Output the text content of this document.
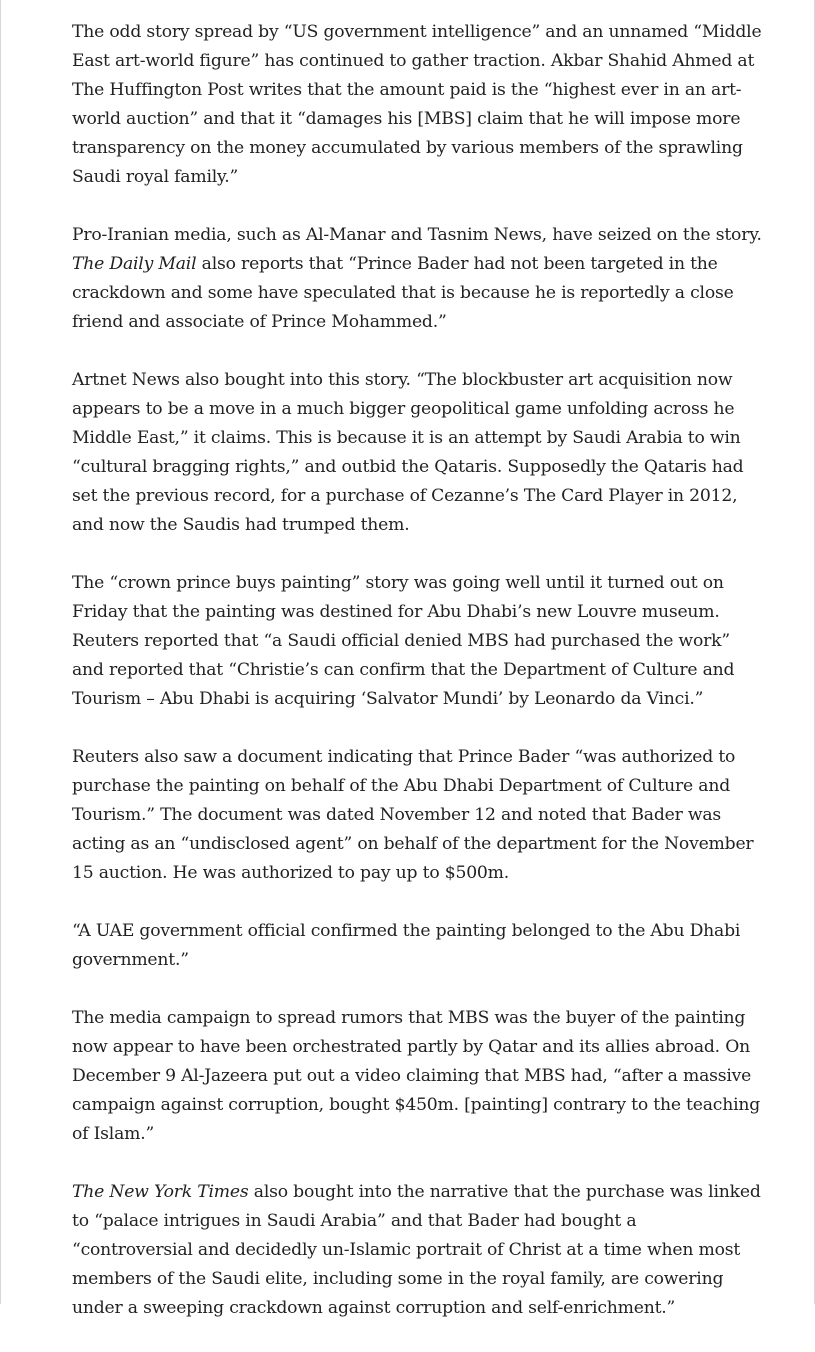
The odd story spread by “US government intelligence” and an unnamed “Middle East art-world figure” has continued to gather traction. Akbar Shahid Ahmed at The Huffington Post writes that the amount paid is the “highest ever in an art-world auction” and that it “damages his [MBS] claim that he will impose more transparency on the money accumulated by various members of the sprawling Saudi royal family.”

Pro-Iranian media, such as Al-Manar and Tasnim News, have seized on the story. The Daily Mail also reports that “Prince Bader had not been targeted in the crackdown and some have speculated that is because he is reportedly a close friend and associate of Prince Mohammed.”

Artnet News also bought into this story. “The blockbuster art acquisition now appears to be a move in a much bigger geopolitical game unfolding across he Middle East,” it claims. This is because it is an attempt by Saudi Arabia to win “cultural bragging rights,” and outbid the Qataris. Supposedly the Qataris had set the previous record, for a purchase of Cezanne’s The Card Player in 2012, and now the Saudis had trumped them.

The “crown prince buys painting” story was going well until it turned out on Friday that the painting was destined for Abu Dhabi’s new Louvre museum. Reuters reported that “a Saudi official denied MBS had purchased the work” and reported that “Christie’s can confirm that the Department of Culture and Tourism – Abu Dhabi is acquiring ‘Salvator Mundi’ by Leonardo da Vinci.”

Reuters also saw a document indicating that Prince Bader “was authorized to purchase the painting on behalf of the Abu Dhabi Department of Culture and Tourism.” The document was dated November 12 and noted that Bader was acting as an “undisclosed agent” on behalf of the department for the November 15 auction. He was authorized to pay up to $500m.

“A UAE government official confirmed the painting belonged to the Abu Dhabi government.”

The media campaign to spread rumors that MBS was the buyer of the painting now appear to have been orchestrated partly by Qatar and its allies abroad. On December 9 Al-Jazeera put out a video claiming that MBS had, “after a massive campaign against corruption, bought $450m. [painting] contrary to the teaching of Islam.”

The New York Times also bought into the narrative that the purchase was linked to “palace intrigues in Saudi Arabia” and that Bader had bought a “controversial and decidedly un-Islamic portrait of Christ at a time when most members of the Saudi elite, including some in the royal family, are cowering under a sweeping crackdown against corruption and self-enrichment.”
